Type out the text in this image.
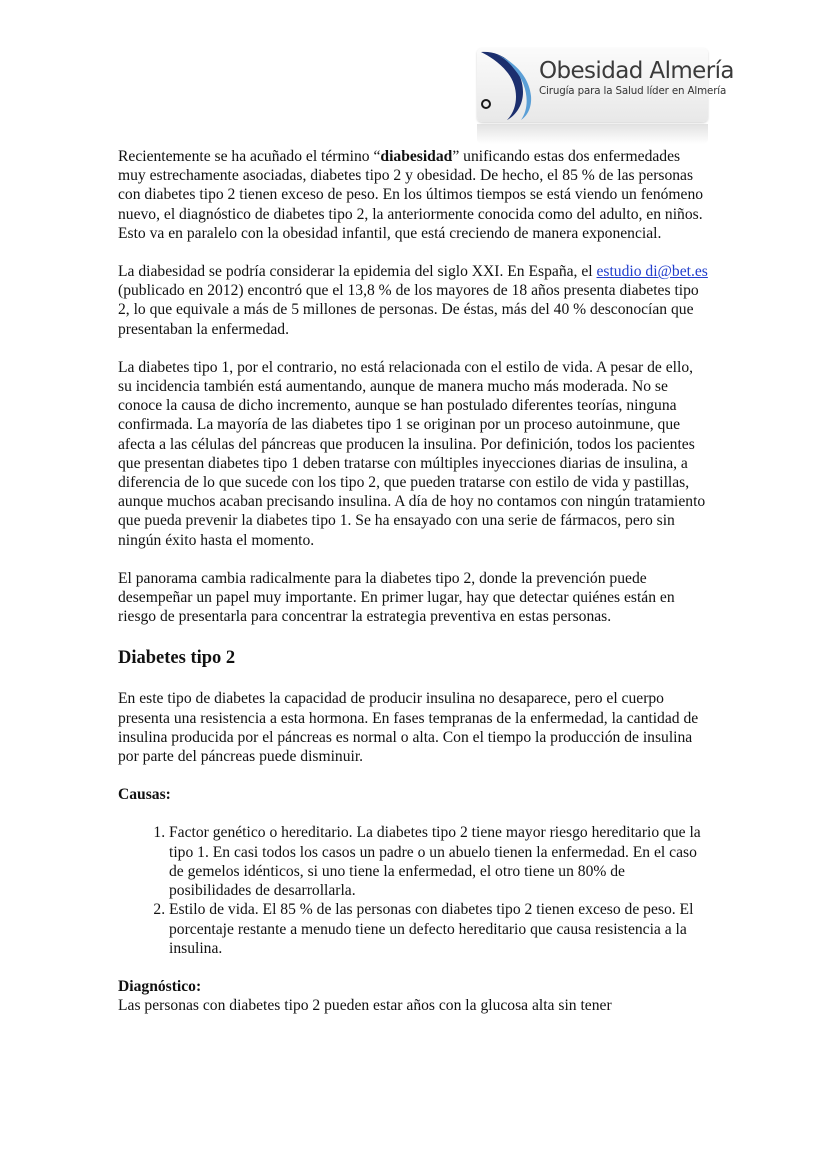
Obesidad Almería
Cirugía para la Salud líder en Almería

Recientemente se ha acuñado el término “diabesidad” unificando estas dos enfermedades muy estrechamente asociadas, diabetes tipo 2 y obesidad. De hecho, el 85 % de las personas con diabetes tipo 2 tienen exceso de peso. En los últimos tiempos se está viendo un fenómeno nuevo, el diagnóstico de diabetes tipo 2, la anteriormente conocida como del adulto, en niños. Esto va en paralelo con la obesidad infantil, que está creciendo de manera exponencial.

La diabesidad se podría considerar la epidemia del siglo XXI. En España, el estudio di@bet.es (publicado en 2012) encontró que el 13,8 % de los mayores de 18 años presenta diabetes tipo 2, lo que equivale a más de 5 millones de personas. De éstas, más del 40 % desconocían que presentaban la enfermedad.

La diabetes tipo 1, por el contrario, no está relacionada con el estilo de vida. A pesar de ello, su incidencia también está aumentando, aunque de manera mucho más moderada. No se conoce la causa de dicho incremento, aunque se han postulado diferentes teorías, ninguna confirmada. La mayoría de las diabetes tipo 1 se originan por un proceso autoinmune, que afecta a las células del páncreas que producen la insulina. Por definición, todos los pacientes que presentan diabetes tipo 1 deben tratarse con múltiples inyecciones diarias de insulina, a diferencia de lo que sucede con los tipo 2, que pueden tratarse con estilo de vida y pastillas, aunque muchos acaban precisando insulina. A día de hoy no contamos con ningún tratamiento que pueda prevenir la diabetes tipo 1. Se ha ensayado con una serie de fármacos, pero sin ningún éxito hasta el momento.

El panorama cambia radicalmente para la diabetes tipo 2, donde la prevención puede desempeñar un papel muy importante. En primer lugar, hay que detectar quiénes están en riesgo de presentarla para concentrar la estrategia preventiva en estas personas.

Diabetes tipo 2

En este tipo de diabetes la capacidad de producir insulina no desaparece, pero el cuerpo presenta una resistencia a esta hormona. En fases tempranas de la enfermedad, la cantidad de insulina producida por el páncreas es normal o alta. Con el tiempo la producción de insulina por parte del páncreas puede disminuir.

Causas:
1. Factor genético o hereditario. La diabetes tipo 2 tiene mayor riesgo hereditario que la tipo 1. En casi todos los casos un padre o un abuelo tienen la enfermedad. En el caso de gemelos idénticos, si uno tiene la enfermedad, el otro tiene un 80% de posibilidades de desarrollarla.
2. Estilo de vida. El 85 % de las personas con diabetes tipo 2 tienen exceso de peso. El porcentaje restante a menudo tiene un defecto hereditario que causa resistencia a la insulina.
Diagnóstico:

Las personas con diabetes tipo 2 pueden estar años con la glucosa alta sin tener
